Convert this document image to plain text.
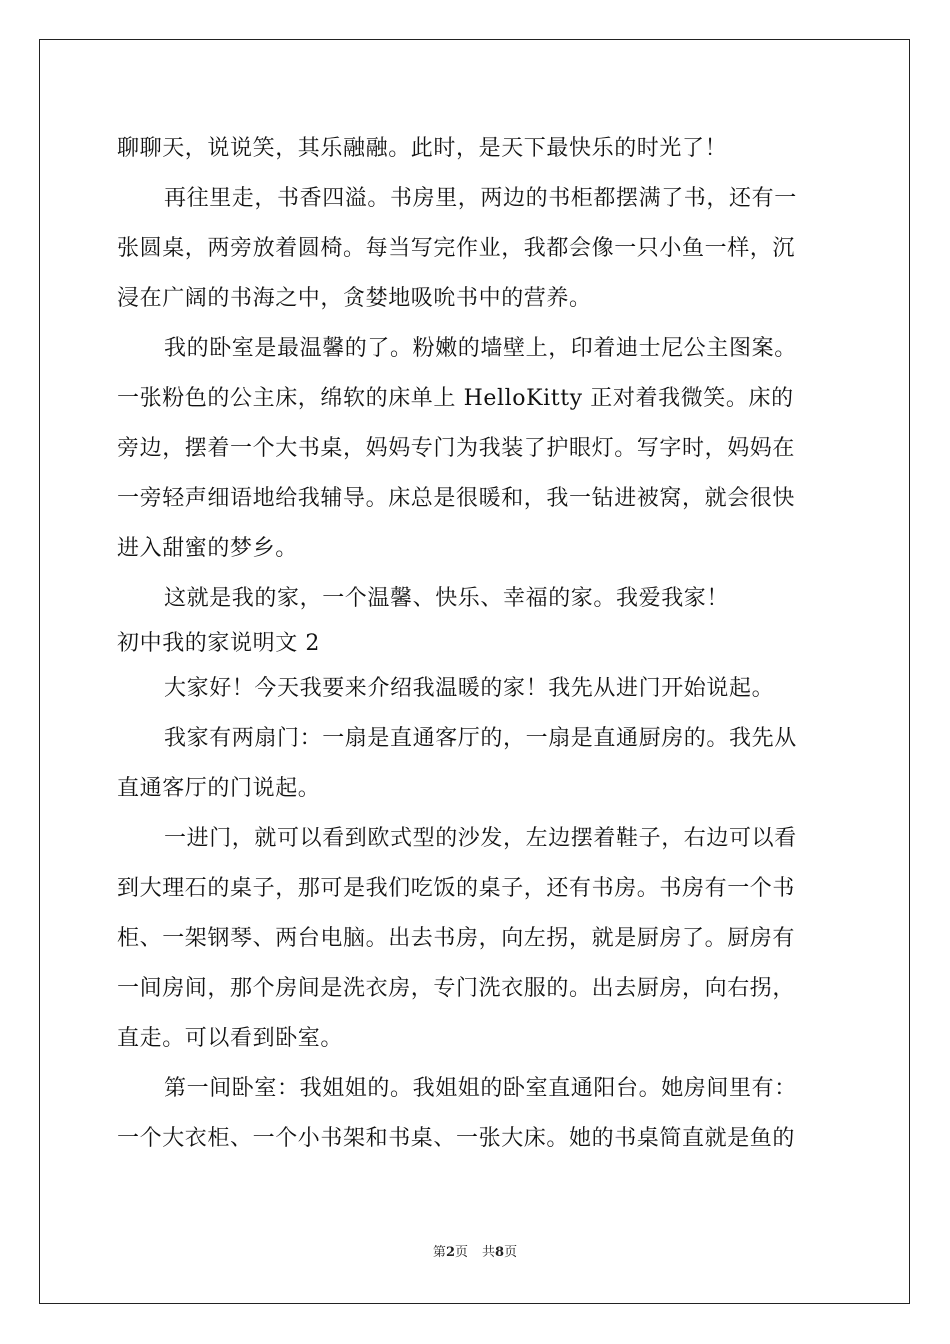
聊聊天，说说笑，其乐融融。此时，是天下最快乐的时光了！
再往里走，书香四溢。书房里，两边的书柜都摆满了书，还有一
张圆桌，两旁放着圆椅。每当写完作业，我都会像一只小鱼一样，沉
浸在广阔的书海之中，贪婪地吸吮书中的营养。
我的卧室是最温馨的了。粉嫩的墙壁上，印着迪士尼公主图案。
一张粉色的公主床，绵软的床单上 HelloKitty 正对着我微笑。床的
旁边，摆着一个大书桌，妈妈专门为我装了护眼灯。写字时，妈妈在
一旁轻声细语地给我辅导。床总是很暖和，我一钻进被窝，就会很快
进入甜蜜的梦乡。
这就是我的家，一个温馨、快乐、幸福的家。我爱我家！
初中我的家说明文 2
大家好！今天我要来介绍我温暖的家！我先从进门开始说起。
我家有两扇门：一扇是直通客厅的，一扇是直通厨房的。我先从
直通客厅的门说起。
一进门，就可以看到欧式型的沙发，左边摆着鞋子，右边可以看
到大理石的桌子，那可是我们吃饭的桌子，还有书房。书房有一个书
柜、一架钢琴、两台电脑。出去书房，向左拐，就是厨房了。厨房有
一间房间，那个房间是洗衣房，专门洗衣服的。出去厨房，向右拐，
直走。可以看到卧室。
第一间卧室：我姐姐的。我姐姐的卧室直通阳台。她房间里有：
一个大衣柜、一个小书架和书桌、一张大床。她的书桌简直就是鱼的
第2页 共8页
